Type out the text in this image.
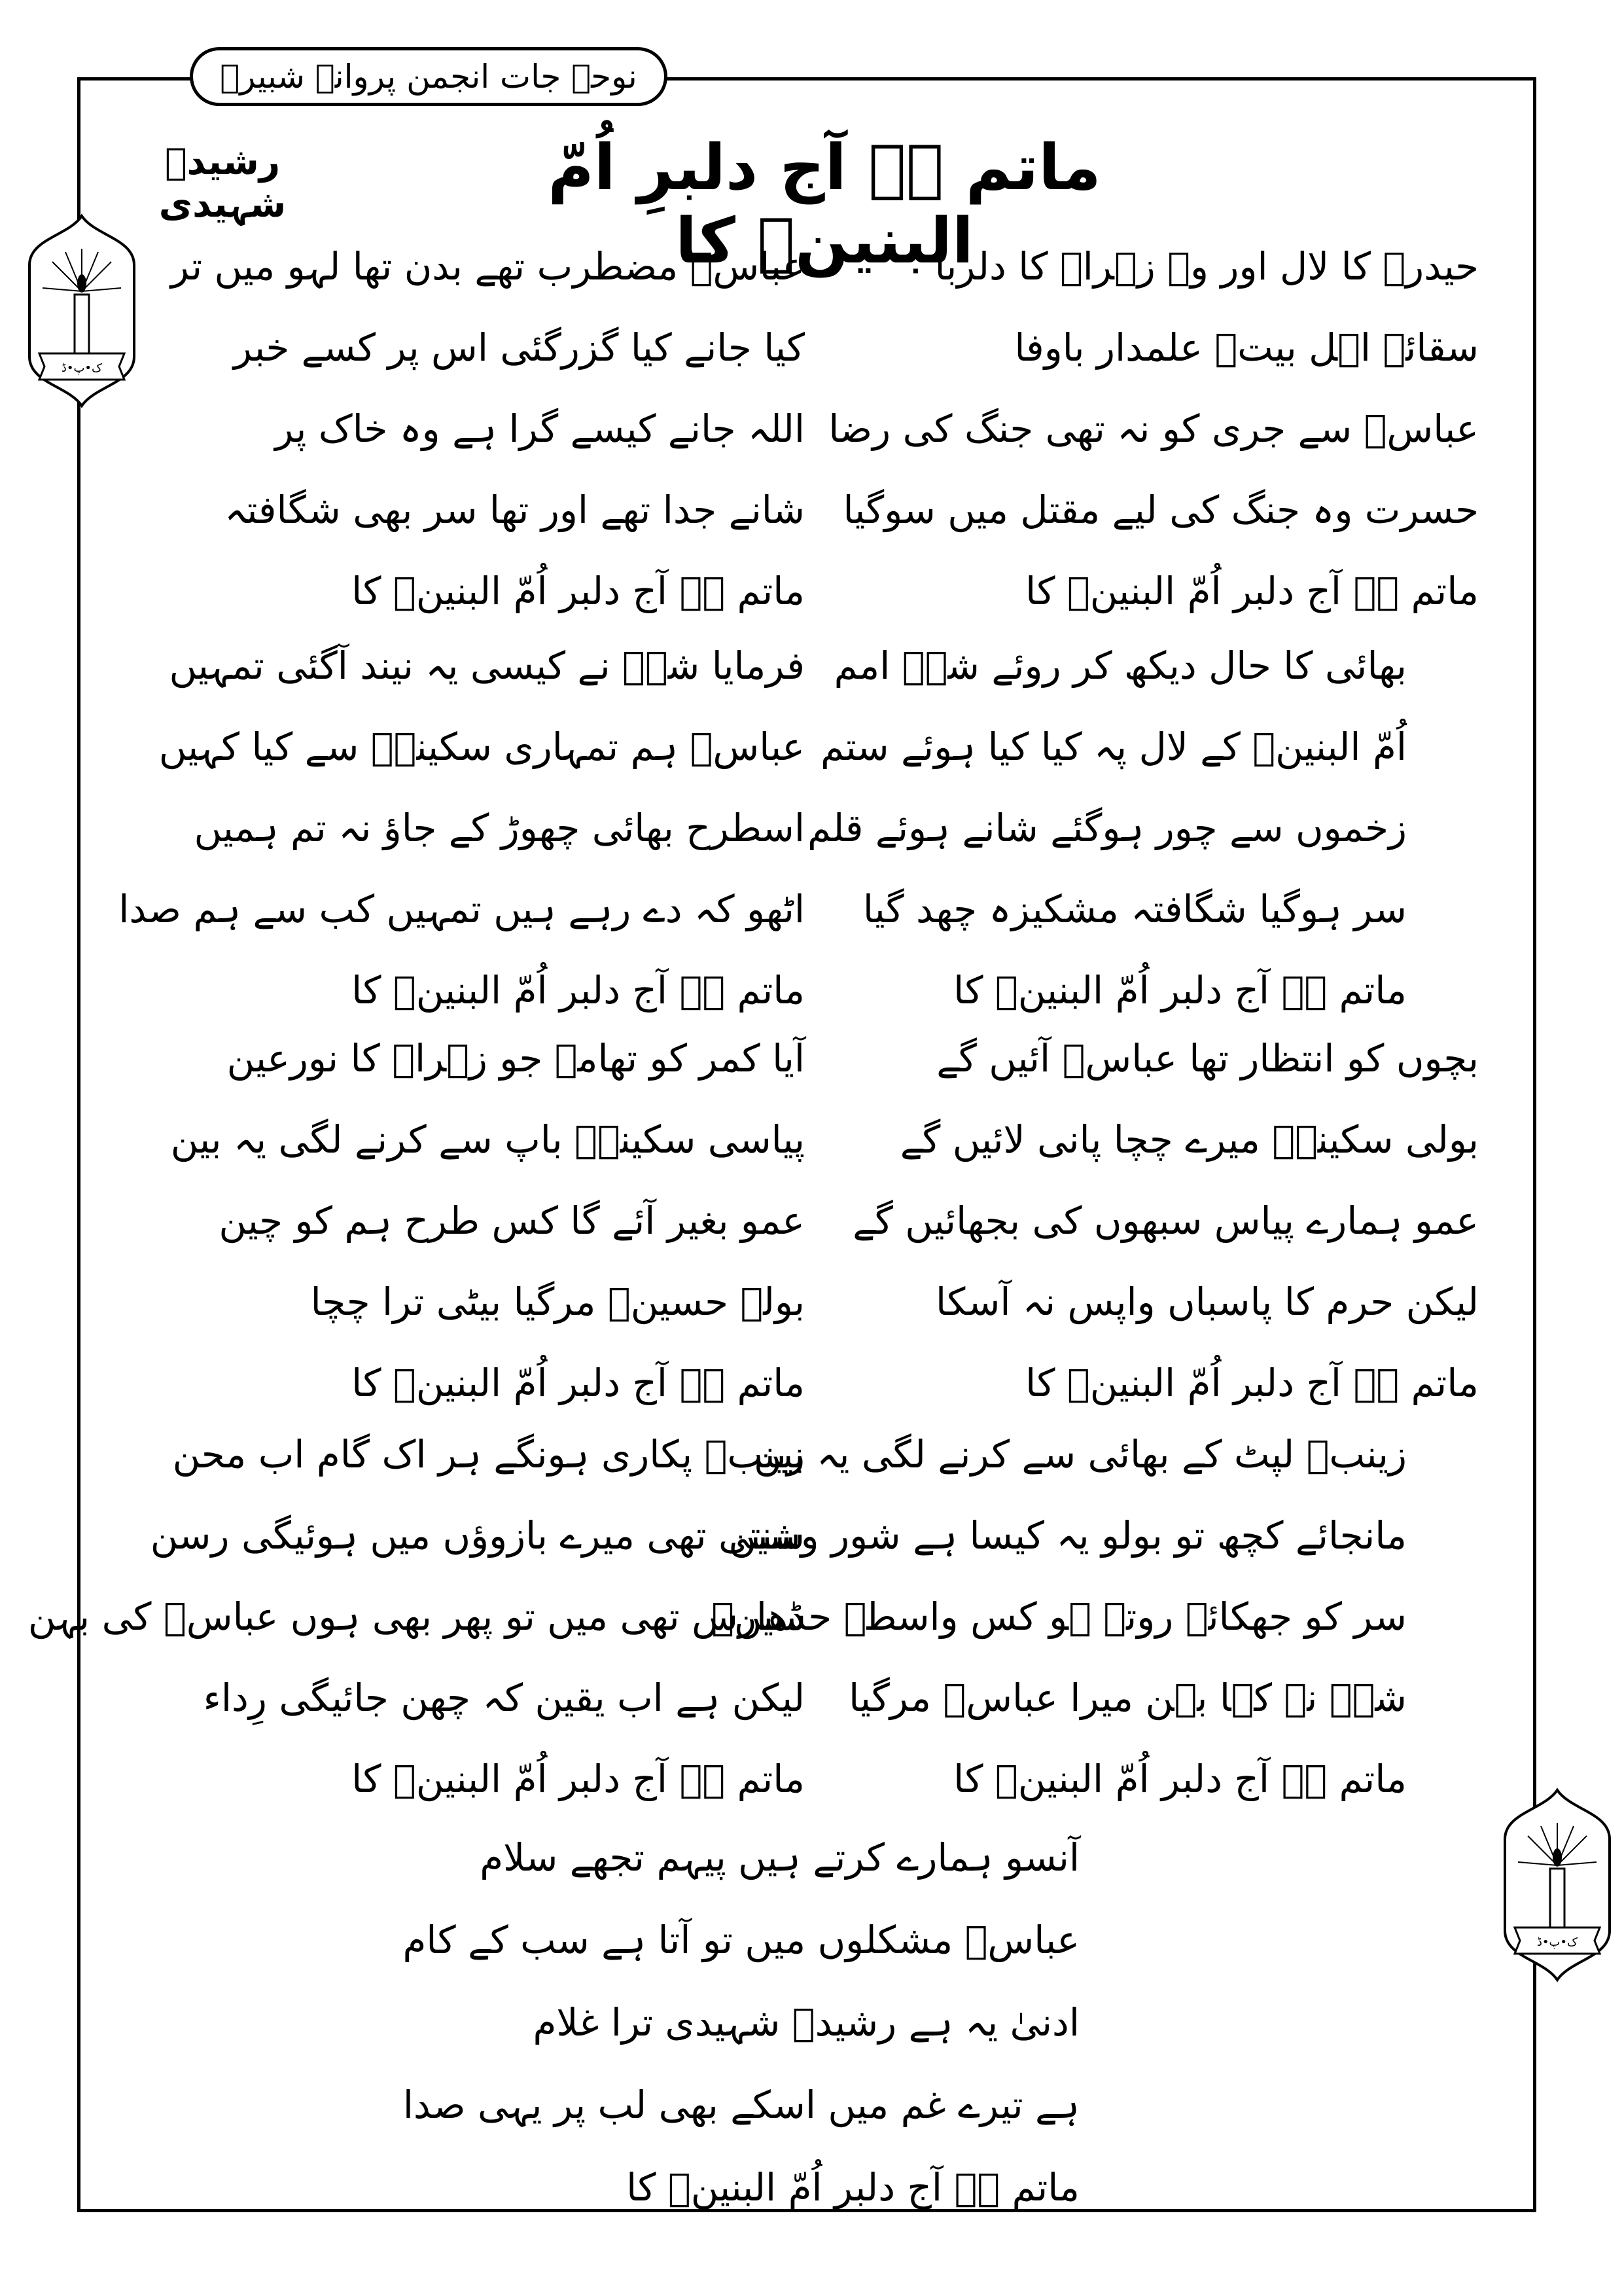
نوحہ جات انجمن پروانۂ شبیرؑ
ماتم ہے آج دلبرِ اُمّ البنینؑ کا
رشیدؔ شہیدی
ک•پ•ڈ
ک•پ•ڈ
حیدرؑ کا لال اور وہ زہراؑ کا دلربا
سقائے اہل بیتؑ علمدار باوفا
عباسؑ سے جری کو نہ تھی جنگ کی رضا
حسرت وہ جنگ کی لیے مقتل میں سوگیا
ماتم ہے آج دلبر اُمّ البنینؑ کا
عباسؑ مضطرب تھے بدن تھا لہو میں تر
کیا جانے کیا گزرگئی اس پر کسے خبر
اللہ جانے کیسے گرا ہے وہ خاک پر
شانے جدا تھے اور تھا سر بھی شگافتہ
ماتم ہے آج دلبر اُمّ البنینؑ کا
بھائی کا حال دیکھ کر روئے شہؑ امم
اُمّ البنینؑ کے لال پہ کیا کیا ہوئے ستم
زخموں سے چور ہوگئے شانے ہوئے قلم
سر ہوگیا شگافتہ مشکیزہ چھد گیا
ماتم ہے آج دلبر اُمّ البنینؑ کا
فرمایا شہؑ نے کیسی یہ نیند آگئی تمہیں
عباسؑ ہم تمہاری سکینہؑ سے کیا کہیں
اسطرح بھائی چھوڑ کے جاؤ نہ تم ہمیں
اٹھو کہ دے رہے ہیں تمہیں کب سے ہم صدا
ماتم ہے آج دلبر اُمّ البنینؑ کا
بچوں کو انتظار تھا عباسؑ آئیں گے
بولی سکینہؑ میرے چچا پانی لائیں گے
عمو ہمارے پیاس سبھوں کی بجھائیں گے
لیکن حرم کا پاسباں واپس نہ آسکا
ماتم ہے آج دلبر اُمّ البنینؑ کا
آیا کمر کو تھامے جو زہراؑ کا نورعین
پیاسی سکینہؑ باپ سے کرنے لگی یہ بین
عمو بغیر آئے گا کس طرح ہم کو چین
بولے حسینؑ مرگیا بیٹی ترا چچا
ماتم ہے آج دلبر اُمّ البنینؑ کا
زینبؑ لپٹ کے بھائی سے کرنے لگی یہ بین
مانجائے کچھ تو بولو یہ کیسا ہے شور وشین
سر کو جھکائے روتے ہو کس واسطے حسینؑ
شہؑ نے کہا بہن میرا عباسؑ مرگیا
ماتم ہے آج دلبر اُمّ البنینؑ کا
زینبؑ پکاری ہونگے ہر اک گام اب محن
سنتی تھی میرے بازوؤں میں ہوئیگی رسن
ڈھارس تھی میں تو پھر بھی ہوں عباسؑ کی بہن
لیکن ہے اب یقین کہ چھن جائیگی رِداء
ماتم ہے آج دلبر اُمّ البنینؑ کا
آنسو ہمارے کرتے ہیں پیہم تجھے سلام
عباسؑ مشکلوں میں تو آتا ہے سب کے کام
ادنیٰ یہ ہے رشیدؔ شہیدی ترا غلام
ہے تیرے غم میں اسکے بھی لب پر یہی صدا
ماتم ہے آج دلبر اُمّ البنینؑ کا
